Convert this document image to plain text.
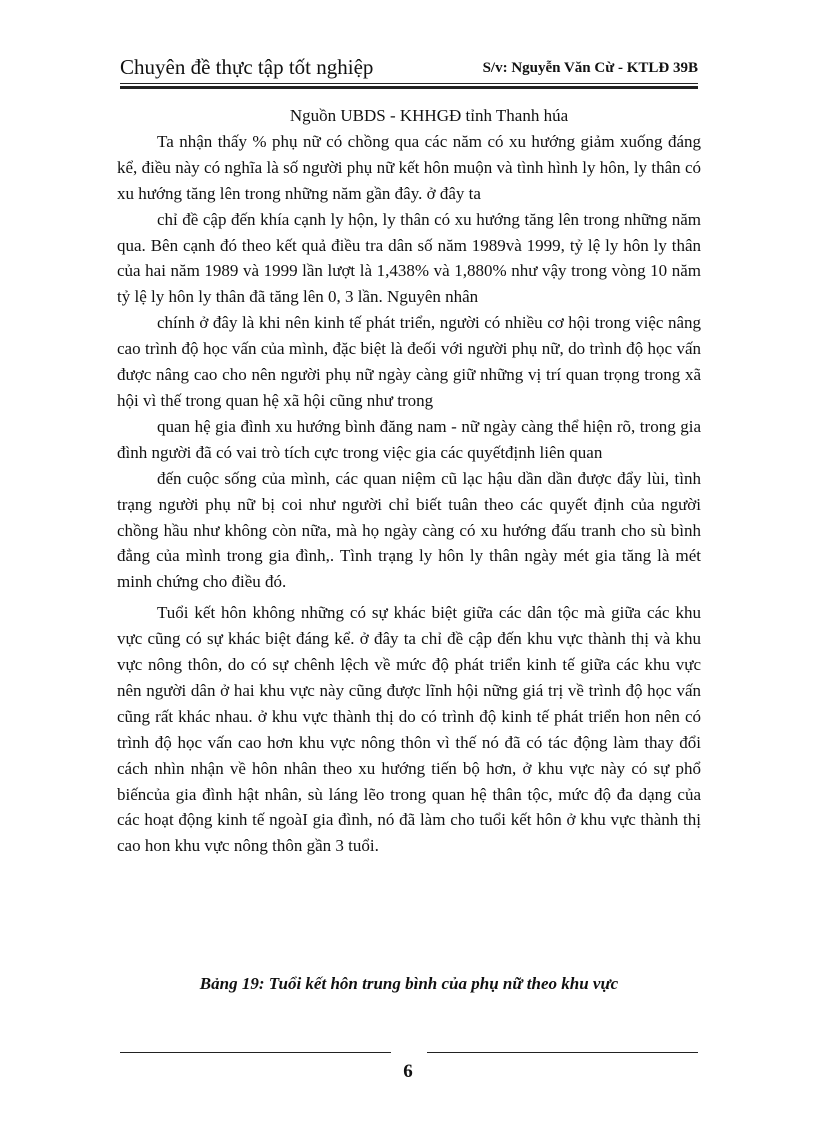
Chuyên đề thực tập tốt nghiệp	S/v: Nguyễn Văn Cừ - KTLĐ 39B

Nguồn UBDS - KHHGĐ tỉnh Thanh húa

Ta nhận thấy % phụ nữ có chồng qua các năm có xu hướng giảm xuống đáng kể, điều này có nghĩa là số người phụ nữ kết hôn muộn và tình hình ly hôn, ly thân có xu hướng tăng lên trong những năm gần đây. ở đây ta

chỉ đề cập đến khía cạnh ly hộn, ly thân có xu hướng tăng lên trong những năm qua. Bên cạnh đó theo kết quả điều tra dân số năm 1989và 1999, tỷ lệ ly hôn ly thân của hai năm 1989 và 1999 lần lượt là 1,438% và 1,880% như vậy trong vòng 10 năm tỷ lệ ly hôn ly thân đã tăng lên 0, 3 lần. Nguyên nhân

chính ở đây là khi nên kinh tế phát triển, người có nhiều cơ hội trong việc nâng cao trình độ học vấn của mình, đặc biệt là đeối với người phụ nữ, do trình độ học vấn được nâng cao cho nên người phụ nữ ngày càng giữ những vị trí quan trọng trong xã hội vì thế trong quan hệ xã hội cũng như trong

quan hệ gia đình xu hướng bình đăng nam - nữ ngày càng thể hiện rõ, trong gia đình người đã có vai trò tích cực trong việc gia các quyếtđịnh liên quan

đến cuộc sống của mình, các quan niệm cũ lạc hậu dần dần được đẩy lùi, tình trạng người phụ nữ bị coi như người chỉ biết tuân theo các quyết định của người chồng hầu như không còn nữa, mà họ ngày càng có xu hướng đấu tranh cho sù bình đẳng của mình trong gia đình,. Tình trạng ly hôn ly thân ngày mét gia tăng là mét minh chứng cho điều đó.

Tuổi kết hôn không những có sự khác biệt giữa các dân tộc mà giữa các khu vực cũng có sự khác biệt đáng kể. ở đây ta chỉ đề cập đến khu vực thành thị và khu vực nông thôn, do có sự chênh lệch về mức độ phát triển kinh tế giữa các khu vực nên người dân ở hai khu vực này cũng được lĩnh hội nững giá trị về trình độ học vấn cũng rất khác nhau. ở khu vực thành thị do có trình độ kinh tế phát triển hon nên có trình độ học vấn cao hơn khu vực nông thôn vì thế nó đã có tác động làm thay đổi cách nhìn nhận về hôn nhân theo xu hướng tiến bộ hơn, ở khu vực này có sự phổ biếncủa gia đình hật nhân, sù láng lẽo trong quan hệ thân tộc, mức độ đa dạng của các hoạt động kinh tế ngoàI gia đình, nó đã làm cho tuổi kết hôn ở khu vực thành thị cao hon khu vực nông thôn gần 3 tuổi.

Bảng 19: Tuổi kết hôn trung bình của phụ nữ theo khu vực
6
